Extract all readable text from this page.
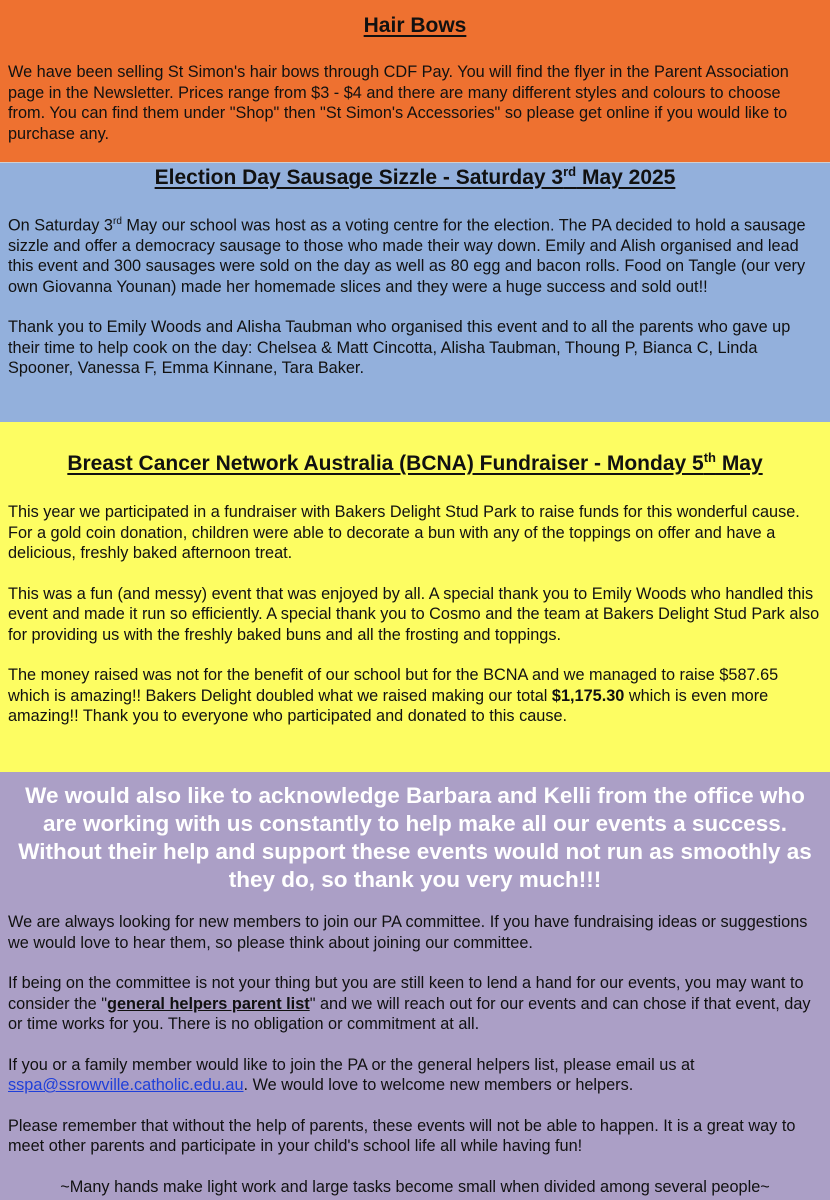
Hair Bows

We have been selling St Simon's hair bows through CDF Pay. You will find the flyer in the Parent Association page in the Newsletter. Prices range from $3 - $4 and there are many different styles and colours to choose from. You can find them under "Shop" then "St Simon's Accessories" so please get online if you would like to purchase any.

Election Day Sausage Sizzle - Saturday 3rd May 2025

On Saturday 3rd May our school was host as a voting centre for the election. The PA decided to hold a sausage sizzle and offer a democracy sausage to those who made their way down. Emily and Alish organised and lead this event and 300 sausages were sold on the day as well as 80 egg and bacon rolls. Food on Tangle (our very own Giovanna Younan) made her homemade slices and they were a huge success and sold out!!

Thank you to Emily Woods and Alisha Taubman who organised this event and to all the parents who gave up their time to help cook on the day: Chelsea & Matt Cincotta, Alisha Taubman, Thoung P, Bianca C, Linda Spooner, Vanessa F, Emma Kinnane, Tara Baker.

Breast Cancer Network Australia (BCNA) Fundraiser - Monday 5th May

This year we participated in a fundraiser with Bakers Delight Stud Park to raise funds for this wonderful cause. For a gold coin donation, children were able to decorate a bun with any of the toppings on offer and have a delicious, freshly baked afternoon treat.

This was a fun (and messy) event that was enjoyed by all. A special thank you to Emily Woods who handled this event and made it run so efficiently. A special thank you to Cosmo and the team at Bakers Delight Stud Park also for providing us with the freshly baked buns and all the frosting and toppings.

The money raised was not for the benefit of our school but for the BCNA and we managed to raise $587.65 which is amazing!! Bakers Delight doubled what we raised making our total $1,175.30 which is even more amazing!! Thank you to everyone who participated and donated to this cause.

We would also like to acknowledge Barbara and Kelli from the office who are working with us constantly to help make all our events a success. Without their help and support these events would not run as smoothly as they do, so thank you very much!!!

We are always looking for new members to join our PA committee. If you have fundraising ideas or suggestions we would love to hear them, so please think about joining our committee.

If being on the committee is not your thing but you are still keen to lend a hand for our events, you may want to consider the "general helpers parent list" and we will reach out for our events and can chose if that event, day or time works for you. There is no obligation or commitment at all.

If you or a family member would like to join the PA or the general helpers list, please email us at sspa@ssrowville.catholic.edu.au. We would love to welcome new members or helpers.

Please remember that without the help of parents, these events will not be able to happen. It is a great way to meet other parents and participate in your child's school life all while having fun!

~Many hands make light work and large tasks become small when divided among several people~
